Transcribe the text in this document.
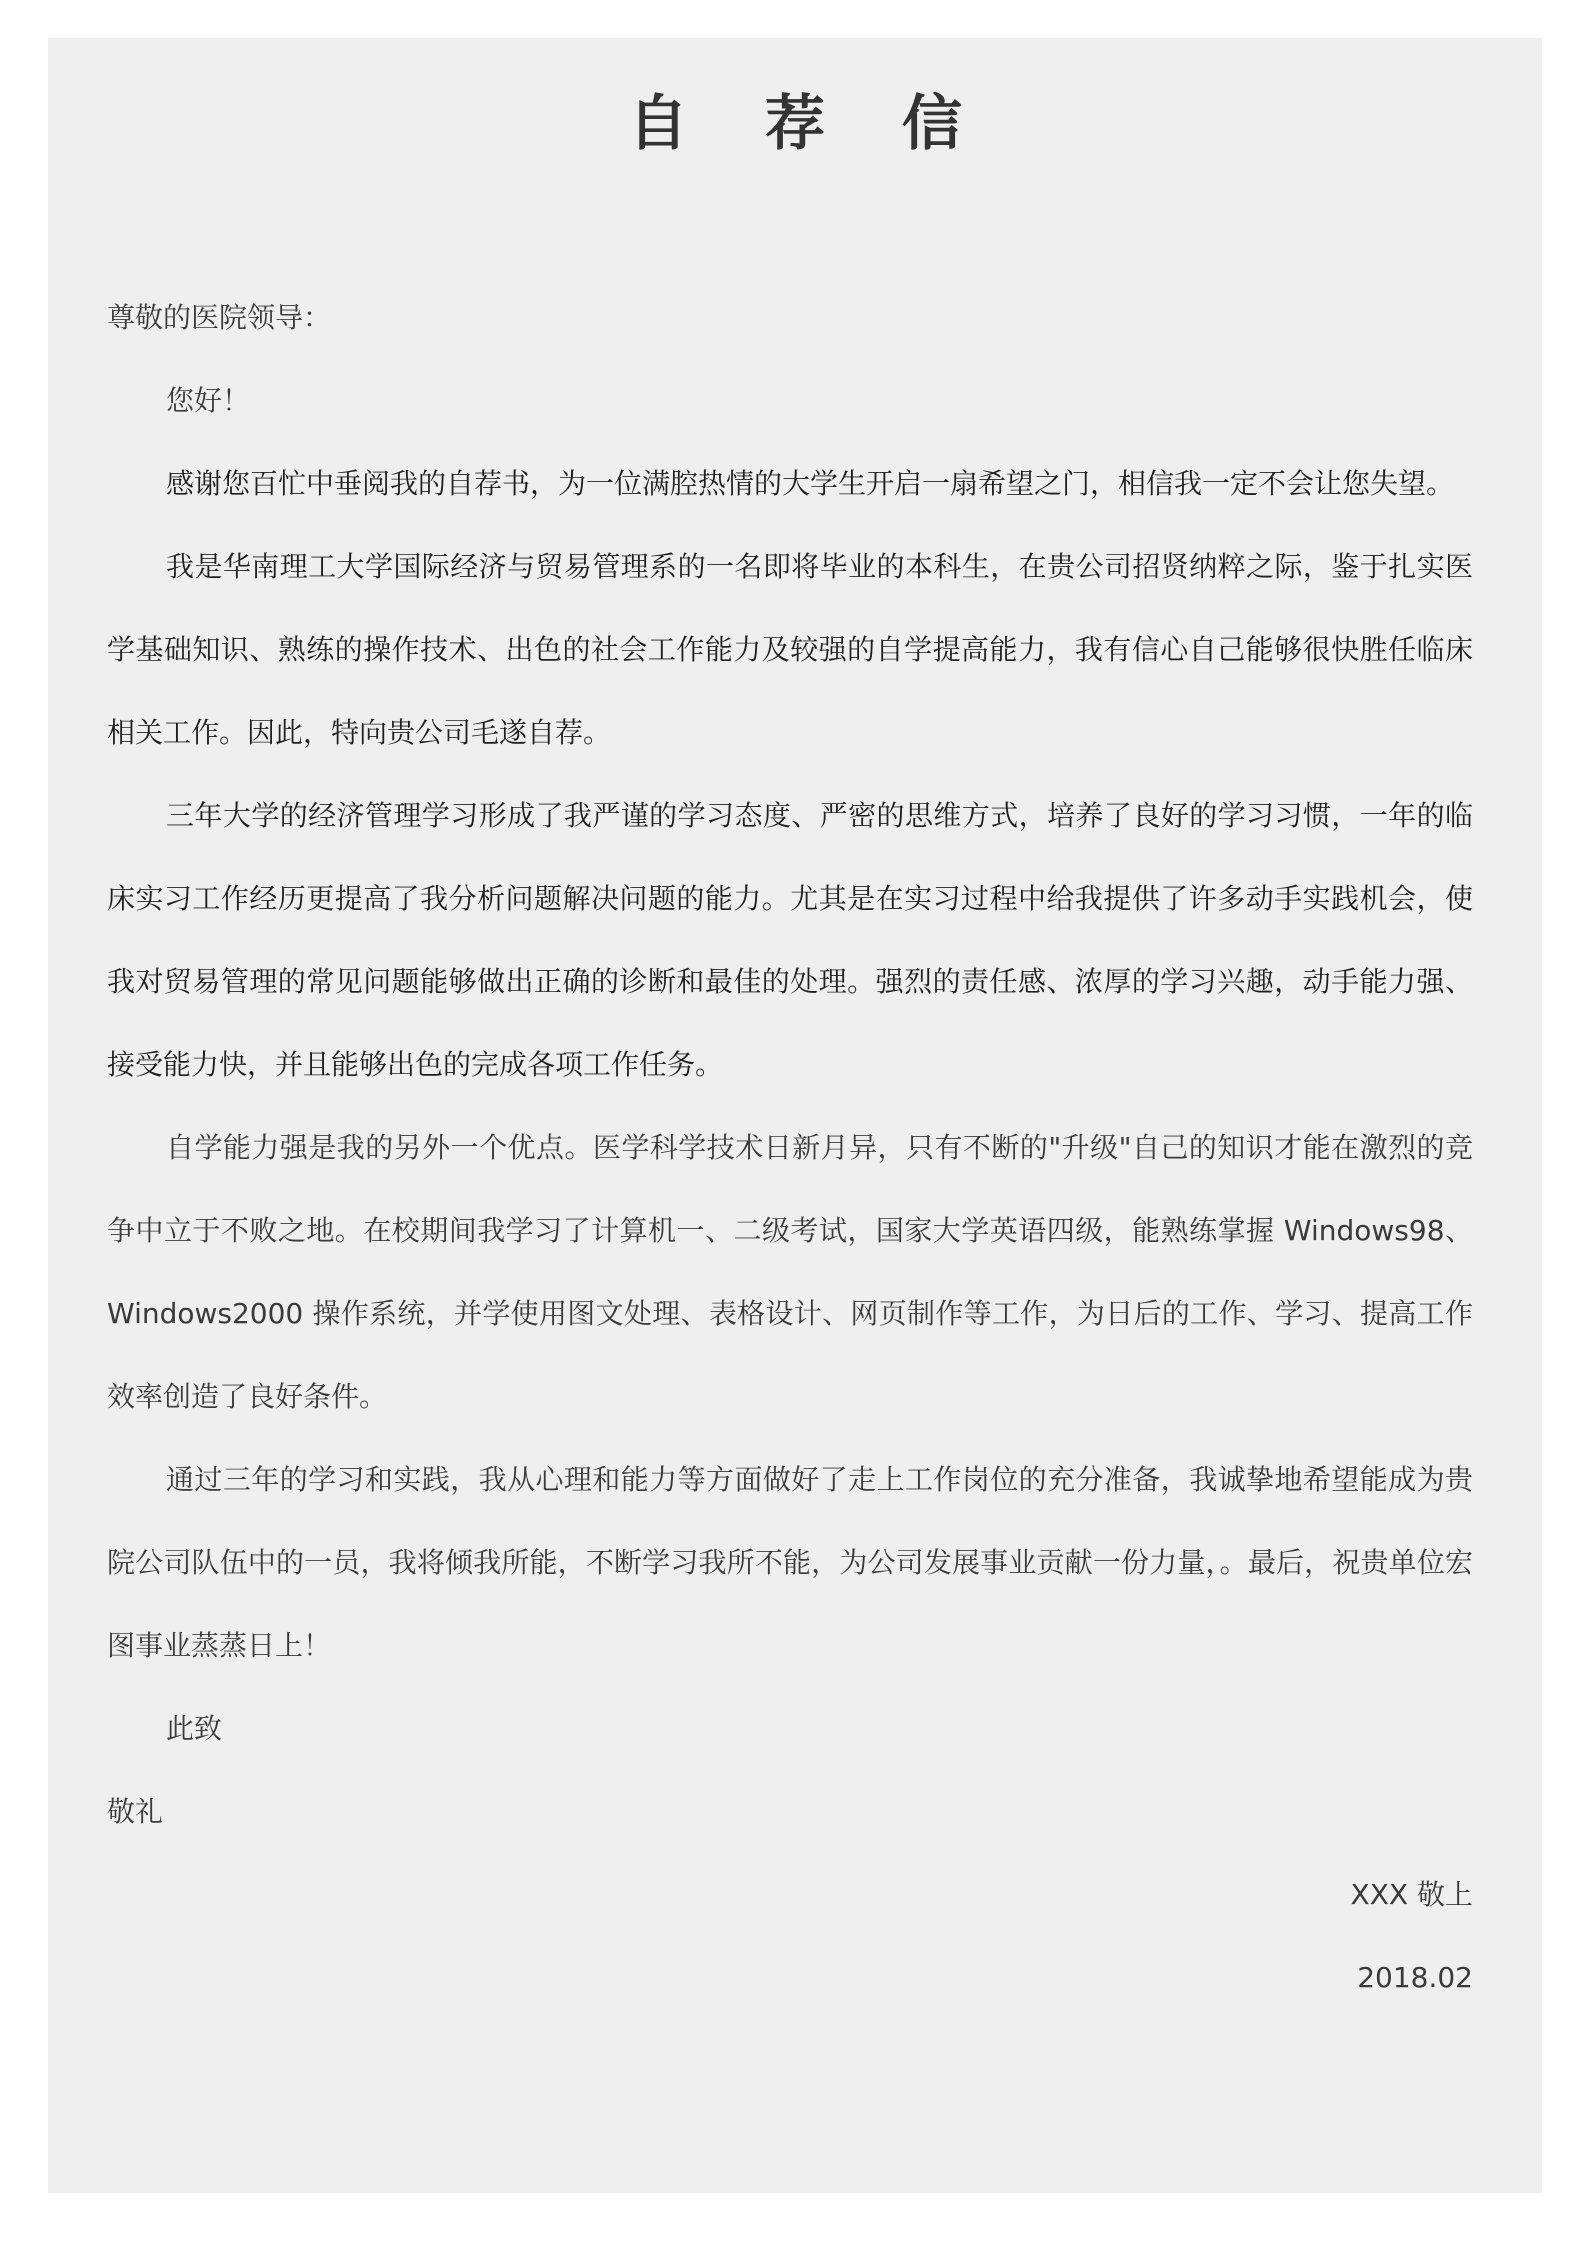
自 荐 信

尊敬的医院领导：

您好！

感谢您百忙中垂阅我的自荐书，为一位满腔热情的大学生开启一扇希望之门，相信我一定不会让您失望。

我是华南理工大学国际经济与贸易管理系的一名即将毕业的本科生，在贵公司招贤纳粹之际，鉴于扎实医学基础知识、熟练的操作技术、出色的社会工作能力及较强的自学提高能力，我有信心自己能够很快胜任临床相关工作。因此，特向贵公司毛遂自荐。

三年大学的经济管理学习形成了我严谨的学习态度、严密的思维方式，培养了良好的学习习惯，一年的临床实习工作经历更提高了我分析问题解决问题的能力。尤其是在实习过程中给我提供了许多动手实践机会，使我对贸易管理的常见问题能够做出正确的诊断和最佳的处理。强烈的责任感、浓厚的学习兴趣，动手能力强、接受能力快，并且能够出色的完成各项工作任务。

自学能力强是我的另外一个优点。医学科学技术日新月异，只有不断的"升级"自己的知识才能在激烈的竞争中立于不败之地。在校期间我学习了计算机一、二级考试，国家大学英语四级，能熟练掌握 Windows98、Windows2000 操作系统，并学使用图文处理、表格设计、网页制作等工作，为日后的工作、学习、提高工作效率创造了良好条件。

通过三年的学习和实践，我从心理和能力等方面做好了走上工作岗位的充分准备，我诚挚地希望能成为贵院公司队伍中的一员，我将倾我所能，不断学习我所不能，为公司发展事业贡献一份力量，。最后，祝贵单位宏图事业蒸蒸日上！

此致

敬礼

XXX 敬上

2018.02
